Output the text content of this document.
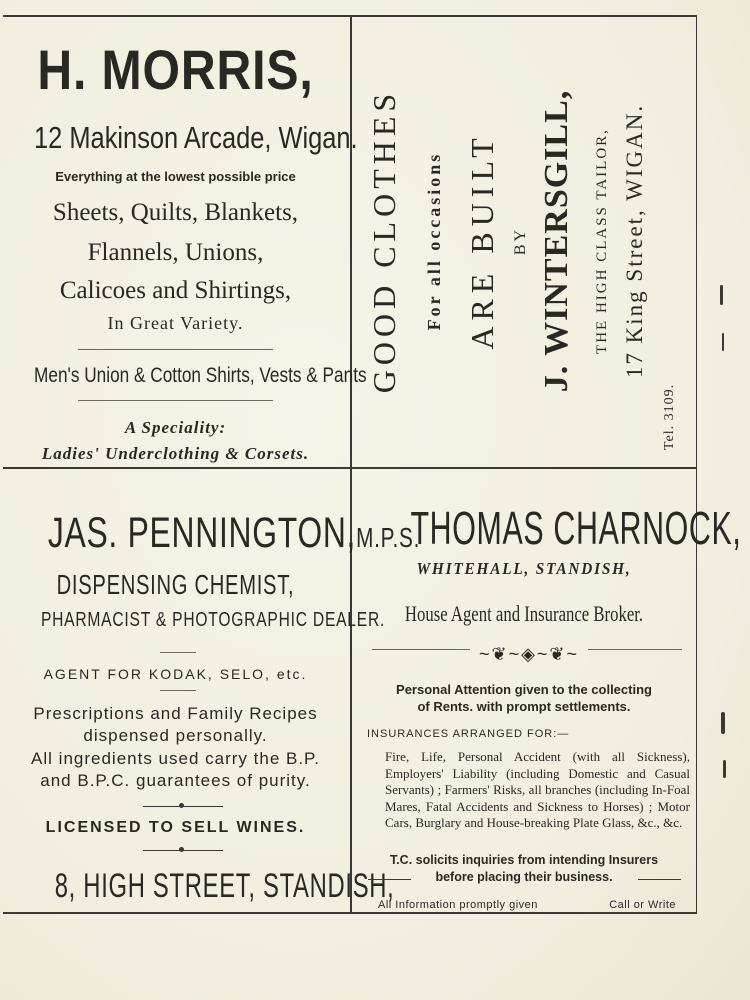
H. MORRIS,
12 Makinson Arcade, Wigan.
Everything at the lowest possible price
Sheets, Quilts, Blankets,
Flannels, Unions,
Calicoes and Shirtings,
In Great Variety.
Men's Union & Cotton Shirts, Vests & Pants
A Speciality:
Ladies' Underclothing & Corsets.
GOOD CLOTHES For all occasions ARE BUILT BY J. WINTERSGILL, THE HIGH CLASS TAILOR, 17 King Street, WIGAN.
Tel. 3109.
JAS. PENNINGTON,M.P.S.
DISPENSING CHEMIST,
PHARMACIST & PHOTOGRAPHIC DEALER.
AGENT FOR KODAK, SELO, etc.
Prescriptions and Family Recipes
dispensed personally.
All ingredients used carry the B.P.
and B.P.C. guarantees of purity.
LICENSED TO SELL WINES.
8, HIGH STREET, STANDISH,
THOMAS CHARNOCK,
WHITEHALL, STANDISH,
House Agent and Insurance Broker.
~❦~◈~❦~
Personal Attention given to the collecting
of Rents. with prompt settlements.
INSURANCES ARRANGED FOR:—
Fire, Life, Personal Accident (with all Sickness), Employers' Liability (including Domestic and Casual Servants) ; Farmers' Risks, all branches (including In-Foal Mares, Fatal Accidents and Sickness to Horses) ; Motor Cars, Burglary and House-breaking Plate Glass, &c., &c.
T.C. solicits inquiries from intending Insurers
before placing their business.
All Information promptly given	Call or Write
